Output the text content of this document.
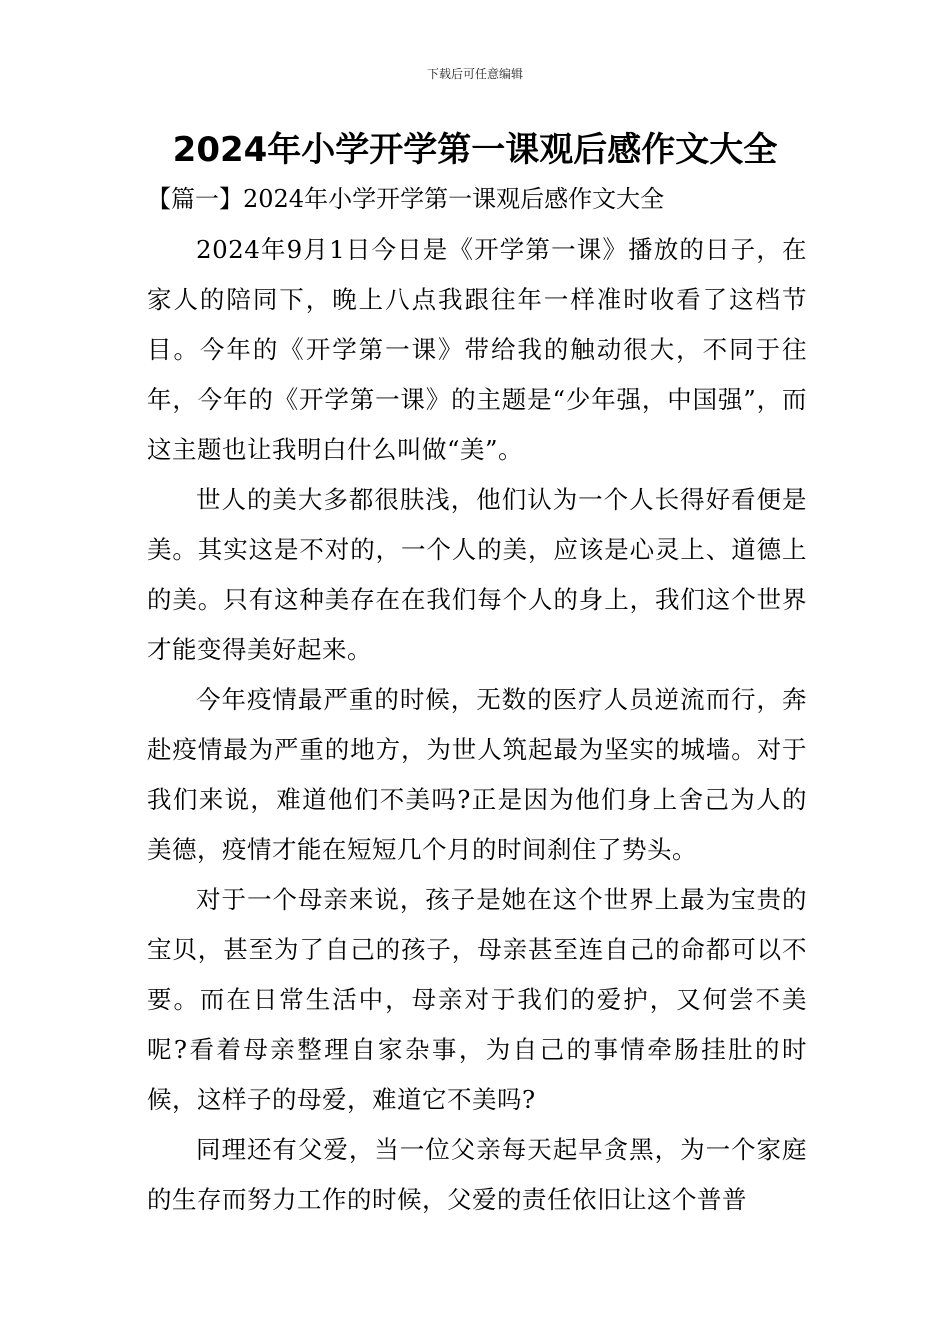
下载后可任意编辑
2024年小学开学第一课观后感作文大全
【篇一】2024年小学开学第一课观后感作文大全

2024年9月1日今日是《开学第一课》播放的日子，在家人的陪同下，晚上八点我跟往年一样准时收看了这档节目。今年的《开学第一课》带给我的触动很大，不同于往年，今年的《开学第一课》的主题是“少年强，中国强”，而这主题也让我明白什么叫做“美”。

世人的美大多都很肤浅，他们认为一个人长得好看便是美。其实这是不对的，一个人的美，应该是心灵上、道德上的美。只有这种美存在在我们每个人的身上，我们这个世界才能变得美好起来。

今年疫情最严重的时候，无数的医疗人员逆流而行，奔赴疫情最为严重的地方，为世人筑起最为坚实的城墙。对于我们来说，难道他们不美吗?正是因为他们身上舍己为人的美德，疫情才能在短短几个月的时间刹住了势头。

对于一个母亲来说，孩子是她在这个世界上最为宝贵的宝贝，甚至为了自己的孩子，母亲甚至连自己的命都可以不要。而在日常生活中，母亲对于我们的爱护，又何尝不美呢?看着母亲整理自家杂事，为自己的事情牵肠挂肚的时候，这样子的母爱，难道它不美吗?

同理还有父爱，当一位父亲每天起早贪黑，为一个家庭的生存而努力工作的时候，父爱的责任依旧让这个普普
